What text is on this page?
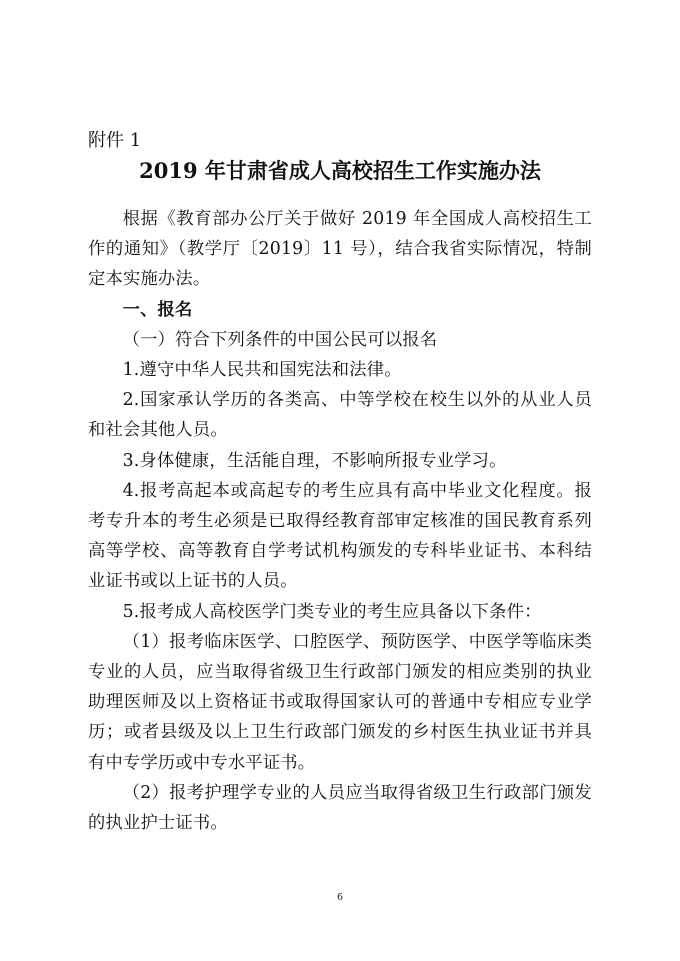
附件 1
2019 年甘肃省成人高校招生工作实施办法

根据《教育部办公厅关于做好 2019 年全国成人高校招生工作的通知》（教学厅〔2019〕11 号），结合我省实际情况，特制定本实施办法。

一、报名

（一）符合下列条件的中国公民可以报名

1.遵守中华人民共和国宪法和法律。

2.国家承认学历的各类高、中等学校在校生以外的从业人员和社会其他人员。

3.身体健康，生活能自理，不影响所报专业学习。

4.报考高起本或高起专的考生应具有高中毕业文化程度。报考专升本的考生必须是已取得经教育部审定核准的国民教育系列高等学校、高等教育自学考试机构颁发的专科毕业证书、本科结业证书或以上证书的人员。

5.报考成人高校医学门类专业的考生应具备以下条件：

（1）报考临床医学、口腔医学、预防医学、中医学等临床类专业的人员，应当取得省级卫生行政部门颁发的相应类别的执业助理医师及以上资格证书或取得国家认可的普通中专相应专业学历；或者县级及以上卫生行政部门颁发的乡村医生执业证书并具有中专学历或中专水平证书。

（2）报考护理学专业的人员应当取得省级卫生行政部门颁发的执业护士证书。

6
